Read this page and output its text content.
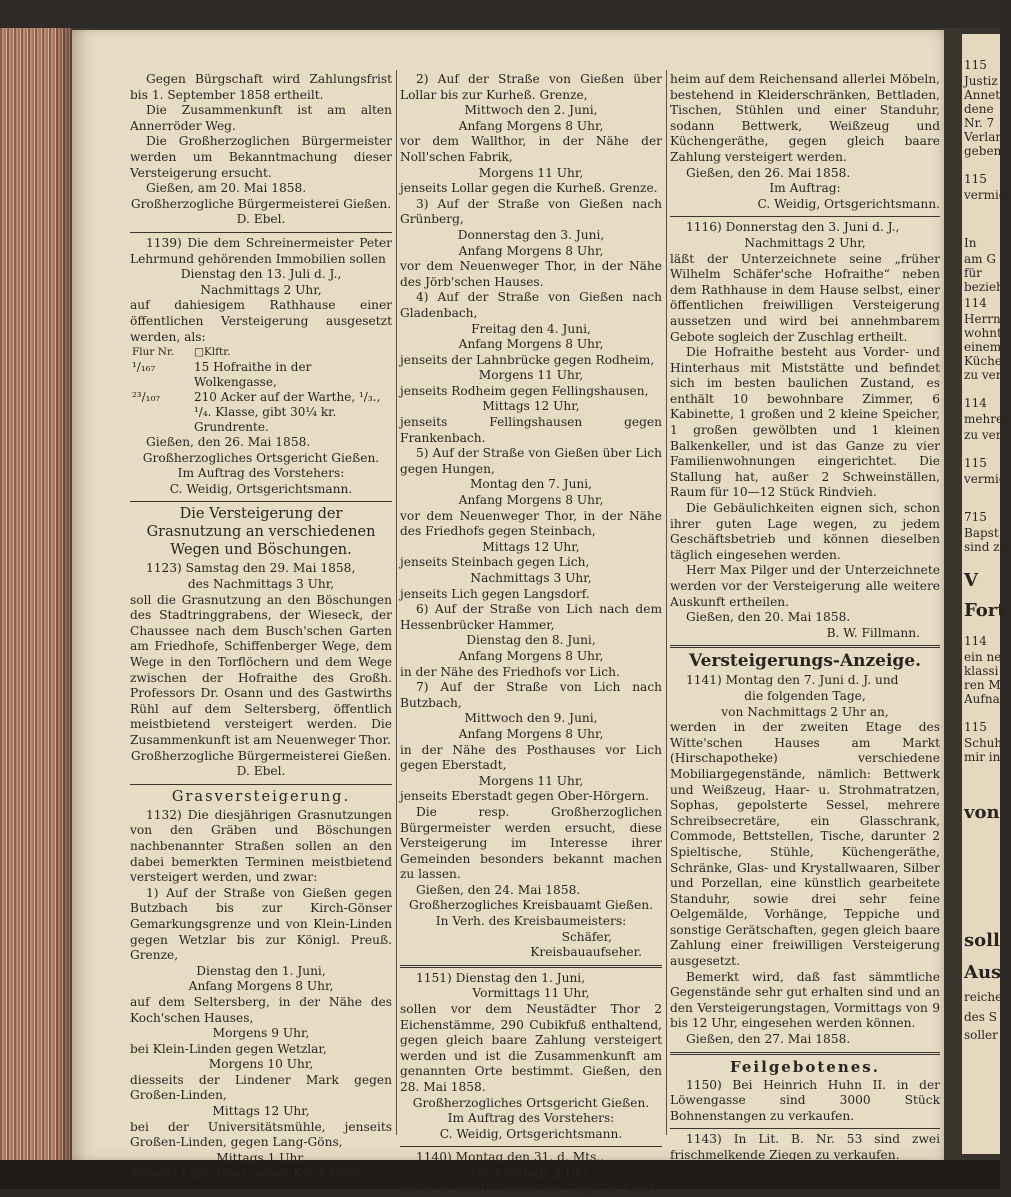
115
Justiz
Annet
dene
Nr. 7
Verlan
geben
115
vermie
In
am G
für
beziehe
114
Herrn
wohnt
einem
Küche,
zu ver
114
mehrer
zu ver
115
vermie
715
Bapst
sind zu
V
Fort
114
ein ne
klassi
ren M
Aufna
115
Schuh
mir in
von
soll
Aus
reiche
des S
soller

Gegen Bürgschaft wird Zahlungsfrist bis 1. September 1858 ertheilt.

Die Zusammenkunft ist am alten Annerröder Weg.

Die Großherzoglichen Bürgermeister werden um Bekanntmachung dieser Versteigerung ersucht.

Gießen, am 20. Mai 1858.

Großherzogliche Bürgermeisterei Gießen.

D. Ebel.

1139) Die dem Schreinermeister Peter Lehrmund gehörenden Immobilien sollen

Dienstag den 13. Juli d. J.,

Nachmittags 2 Uhr,

auf dahiesigem Rathhause einer öffentlichen Versteigerung ausgesetzt werden, als:

Flur Nr.	□Klftr.
¹/₁₆₇	15 Hofraithe in der Wolkengasse,
²³/₁₀₇	210 Acker auf der Warthe, ¹/₃., ¹/₄. Klasse, gibt 30¼ kr. Grundrente.

Gießen, den 26. Mai 1858.

Großherzogliches Ortsgericht Gießen.

Im Auftrag des Vorstehers:

C. Weidig, Ortsgerichtsmann.

Die Versteigerung der Grasnutzung an verschiedenen Wegen und Böschungen.

1123) Samstag den 29. Mai 1858,

des Nachmittags 3 Uhr,

soll die Grasnutzung an den Böschungen des Stadtringgrabens, der Wieseck, der Chaussee nach dem Busch'schen Garten am Friedhofe, Schiffenberger Wege, dem Wege in den Torflöchern und dem Wege zwischen der Hofraithe des Großh. Professors Dr. Osann und des Gastwirths Rühl auf dem Seltersberg, öffentlich meistbietend versteigert werden. Die Zusammenkunft ist am Neuenweger Thor.

Großherzogliche Bürgermeisterei Gießen.

D. Ebel.

Grasversteigerung.

1132) Die diesjährigen Grasnutzungen von den Gräben und Böschungen nachbenannter Straßen sollen an den dabei bemerkten Terminen meistbietend versteigert werden, und zwar:

1) Auf der Straße von Gießen gegen Butzbach bis zur Kirch-Gönser Gemarkungsgrenze und von Klein-Linden gegen Wetzlar bis zur Königl. Preuß. Grenze,

Dienstag den 1. Juni,

Anfang Morgens 8 Uhr,

auf dem Seltersberg, in der Nähe des Koch'schen Hauses,

Morgens 9 Uhr,

bei Klein-Linden gegen Wetzlar,

Morgens 10 Uhr,

diesseits der Lindener Mark gegen Großen-Linden,

Mittags 12 Uhr,

bei der Universitätsmühle, jenseits Großen-Linden, gegen Lang-Göns,

Mittags 1 Uhr,

jenseits Lang-Göns gegen Kirch-Göns.

2) Auf der Straße von Gießen über Lollar bis zur Kurheß. Grenze,

Mittwoch den 2. Juni,

Anfang Morgens 8 Uhr,

vor dem Wallthor, in der Nähe der Noll'schen Fabrik,

Morgens 11 Uhr,

jenseits Lollar gegen die Kurheß. Grenze.

3) Auf der Straße von Gießen nach Grünberg,

Donnerstag den 3. Juni,

Anfang Morgens 8 Uhr,

vor dem Neuenweger Thor, in der Nähe des Jörb'schen Hauses.

4) Auf der Straße von Gießen nach Gladenbach,

Freitag den 4. Juni,

Anfang Morgens 8 Uhr,

jenseits der Lahnbrücke gegen Rodheim,

Morgens 11 Uhr,

jenseits Rodheim gegen Fellingshausen,

Mittags 12 Uhr,

jenseits Fellingshausen gegen Frankenbach.

5) Auf der Straße von Gießen über Lich gegen Hungen,

Montag den 7. Juni,

Anfang Morgens 8 Uhr,

vor dem Neuenweger Thor, in der Nähe des Friedhofs gegen Steinbach,

Mittags 12 Uhr,

jenseits Steinbach gegen Lich,

Nachmittags 3 Uhr,

jenseits Lich gegen Langsdorf.

6) Auf der Straße von Lich nach dem Hessenbrücker Hammer,

Dienstag den 8. Juni,

Anfang Morgens 8 Uhr,

in der Nähe des Friedhofs vor Lich.

7) Auf der Straße von Lich nach Butzbach,

Mittwoch den 9. Juni,

Anfang Morgens 8 Uhr,

in der Nähe des Posthauses vor Lich gegen Eberstadt,

Morgens 11 Uhr,

jenseits Eberstadt gegen Ober-Hörgern.

Die resp. Großherzoglichen Bürgermeister werden ersucht, diese Versteigerung im Interesse ihrer Gemeinden besonders bekannt machen zu lassen.

Gießen, den 24. Mai 1858.

Großherzogliches Kreisbauamt Gießen.

In Verh. des Kreisbaumeisters:

Schäfer,

Kreisbauaufseher.

1151) Dienstag den 1. Juni,

Vormittags 11 Uhr,

sollen vor dem Neustädter Thor 2 Eichenstämme, 290 Cubikfuß enthaltend, gegen gleich baare Zahlung versteigert werden und ist die Zusammenkunft am genannten Orte bestimmt. Gießen, den 28. Mai 1858.

Großherzogliches Ortsgericht Gießen.

Im Auftrag des Vorstehers:

C. Weidig, Ortsgerichtsmann.

1140) Montag den 31. d. Mts.,

Nachmittags 2 Uhr,

sollen in der Wohnung der Frau Dr. Sund-

heim auf dem Reichensand allerlei Möbeln, bestehend in Kleiderschränken, Bettladen, Tischen, Stühlen und einer Standuhr, sodann Bettwerk, Weißzeug und Küchengeräthe, gegen gleich baare Zahlung versteigert werden.

Gießen, den 26. Mai 1858.

Im Auftrag:

C. Weidig, Ortsgerichtsmann.

1116) Donnerstag den 3. Juni d. J.,

Nachmittags 2 Uhr,

läßt der Unterzeichnete seine „früher Wilhelm Schäfer'sche Hofraithe“ neben dem Rathhause in dem Hause selbst, einer öffentlichen freiwilligen Versteigerung aussetzen und wird bei annehmbarem Gebote sogleich der Zuschlag ertheilt.

Die Hofraithe besteht aus Vorder- und Hinterhaus mit Miststätte und befindet sich im besten baulichen Zustand, es enthält 10 bewohnbare Zimmer, 6 Kabinette, 1 großen und 2 kleine Speicher, 1 großen gewölbten und 1 kleinen Balkenkeller, und ist das Ganze zu vier Familienwohnungen eingerichtet. Die Stallung hat, außer 2 Schweinställen, Raum für 10—12 Stück Rindvieh.

Die Gebäulichkeiten eignen sich, schon ihrer guten Lage wegen, zu jedem Geschäftsbetrieb und können dieselben täglich eingesehen werden.

Herr Max Pilger und der Unterzeichnete werden vor der Versteigerung alle weitere Auskunft ertheilen.

Gießen, den 20. Mai 1858.

B. W. Fillmann.

Versteigerungs-Anzeige.

1141) Montag den 7. Juni d. J. und

die folgenden Tage,

von Nachmittags 2 Uhr an,

werden in der zweiten Etage des Witte'schen Hauses am Markt (Hirschapotheke) verschiedene Mobiliargegenstände, nämlich: Bettwerk und Weißzeug, Haar- u. Strohmatratzen, Sophas, gepolsterte Sessel, mehrere Schreibsecretäre, ein Glasschrank, Commode, Bettstellen, Tische, darunter 2 Spieltische, Stühle, Küchengeräthe, Schränke, Glas- und Krystallwaaren, Silber und Porzellan, eine künstlich gearbeitete Standuhr, sowie drei sehr feine Oelgemälde, Vorhänge, Teppiche und sonstige Gerätschaften, gegen gleich baare Zahlung einer freiwilligen Versteigerung ausgesetzt.

Bemerkt wird, daß fast sämmtliche Gegenstände sehr gut erhalten sind und an den Versteigerungstagen, Vormittags von 9 bis 12 Uhr, eingesehen werden können.

Gießen, den 27. Mai 1858.

Feilgebotenes.

1150) Bei Heinrich Huhn II. in der Löwengasse sind 3000 Stück Bohnenstangen zu verkaufen.

1143) In Lit. B. Nr. 53 sind zwei frischmelkende Ziegen zu verkaufen.
